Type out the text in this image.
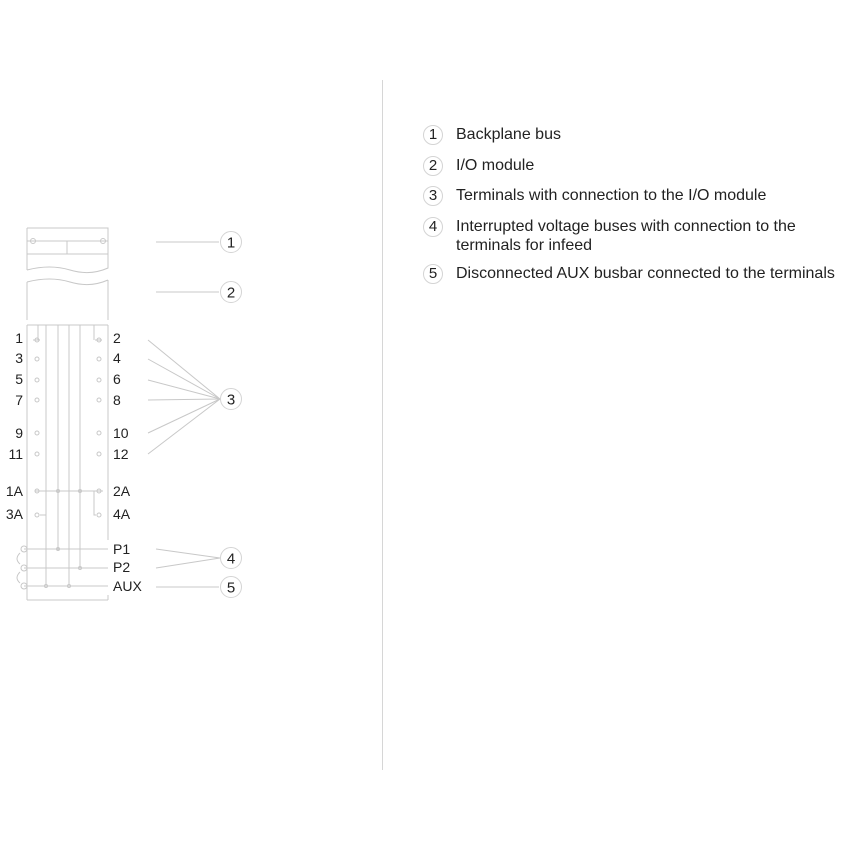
1
3
5
7
9
11
1A
3A
2
4
6
8
10
12
2A
4A
P1
P2
AUX
1
2
3
4
5
1	Backplane bus
2	I/O module
3	Terminals with connection to the I/O module
4	Interrupted voltage buses with connection to the terminals for infeed
5	Disconnected AUX busbar connected to the terminals
